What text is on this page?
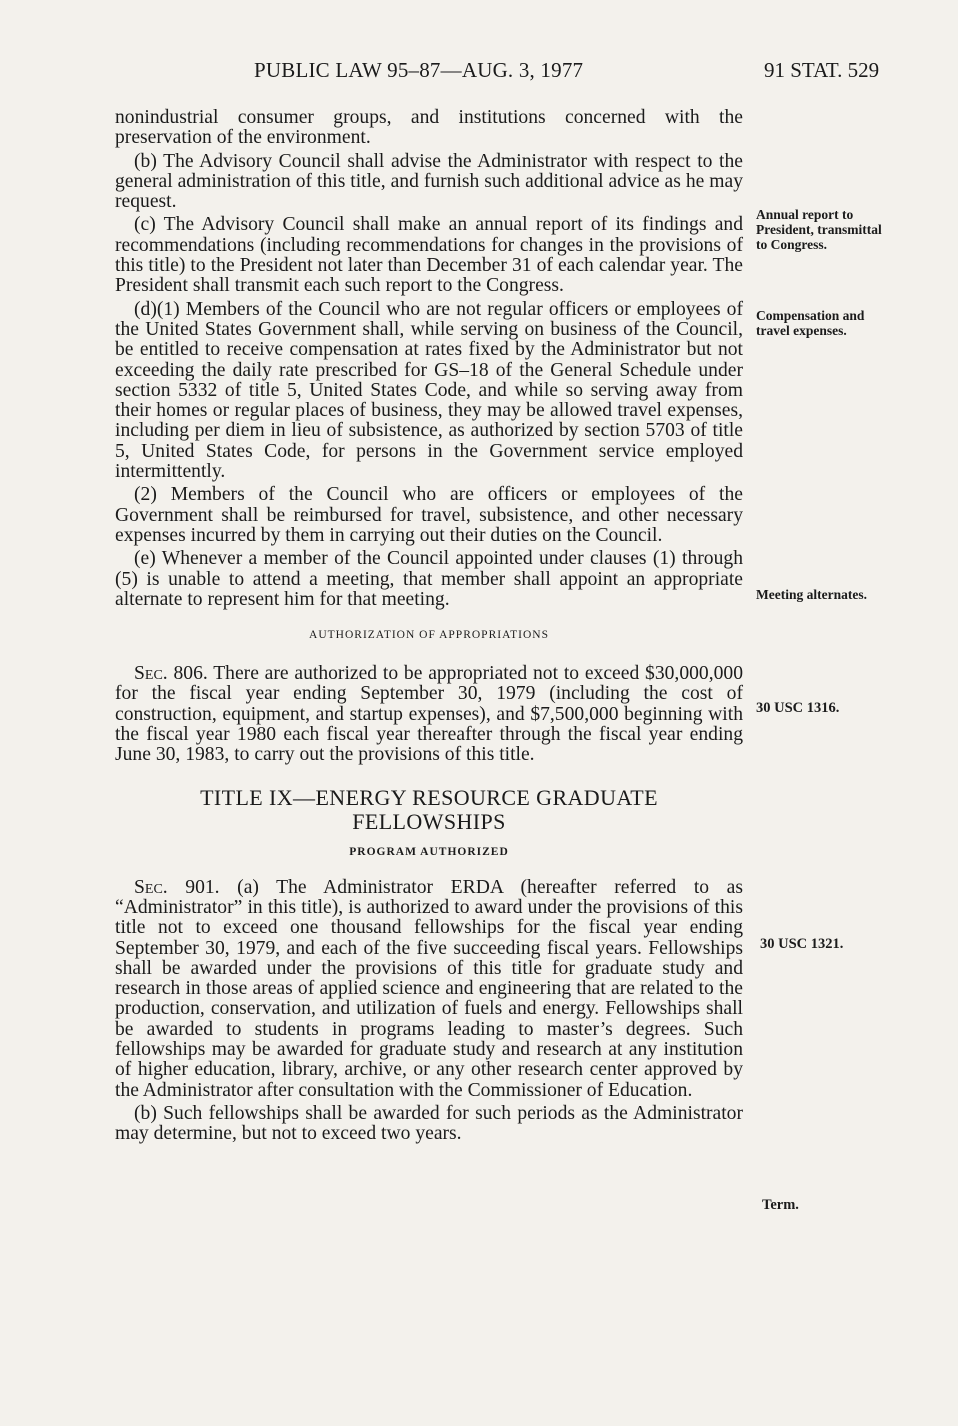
PUBLIC LAW 95–87—AUG. 3, 1977	91 STAT. 529

nonindustrial consumer groups, and institutions concerned with the preservation of the environment.

(b) The Advisory Council shall advise the Administrator with respect to the general administration of this title, and furnish such additional advice as he may request.

(c) The Advisory Council shall make an annual report of its findings and recommendations (including recommendations for changes in the provisions of this title) to the President not later than December 31 of each calendar year. The President shall transmit each such report to the Congress.

(d)(1) Members of the Council who are not regular officers or employees of the United States Government shall, while serving on business of the Council, be entitled to receive compensation at rates fixed by the Administrator but not exceeding the daily rate prescribed for GS–18 of the General Schedule under section 5332 of title 5, United States Code, and while so serving away from their homes or regular places of business, they may be allowed travel expenses, including per diem in lieu of subsistence, as authorized by section 5703 of title 5, United States Code, for persons in the Government service employed intermittently.

(2) Members of the Council who are officers or employees of the Government shall be reimbursed for travel, subsistence, and other necessary expenses incurred by them in carrying out their duties on the Council.

(e) Whenever a member of the Council appointed under clauses (1) through (5) is unable to attend a meeting, that member shall appoint an appropriate alternate to represent him for that meeting.

AUTHORIZATION OF APPROPRIATIONS

Sec. 806. There are authorized to be appropriated not to exceed $30,000,000 for the fiscal year ending September 30, 1979 (including the cost of construction, equipment, and startup expenses), and $7,500,000 beginning with the fiscal year 1980 each fiscal year thereafter through the fiscal year ending June 30, 1983, to carry out the provisions of this title.

TITLE IX—ENERGY RESOURCE GRADUATE FELLOWSHIPS
PROGRAM AUTHORIZED

Sec. 901. (a) The Administrator ERDA (hereafter referred to as “Administrator” in this title), is authorized to award under the provisions of this title not to exceed one thousand fellowships for the fiscal year ending September 30, 1979, and each of the five succeeding fiscal years. Fellowships shall be awarded under the provisions of this title for graduate study and research in those areas of applied science and engineering that are related to the production, conservation, and utilization of fuels and energy. Fellowships shall be awarded to students in programs leading to master’s degrees. Such fellowships may be awarded for graduate study and research at any institution of higher education, library, archive, or any other research center approved by the Administrator after consultation with the Commissioner of Education.

(b) Such fellowships shall be awarded for such periods as the Administrator may determine, but not to exceed two years.

Annual report to President, transmittal to Congress.
Compensation and travel expenses.
Meeting alternates.
30 USC 1316.
30 USC 1321.
Term.
